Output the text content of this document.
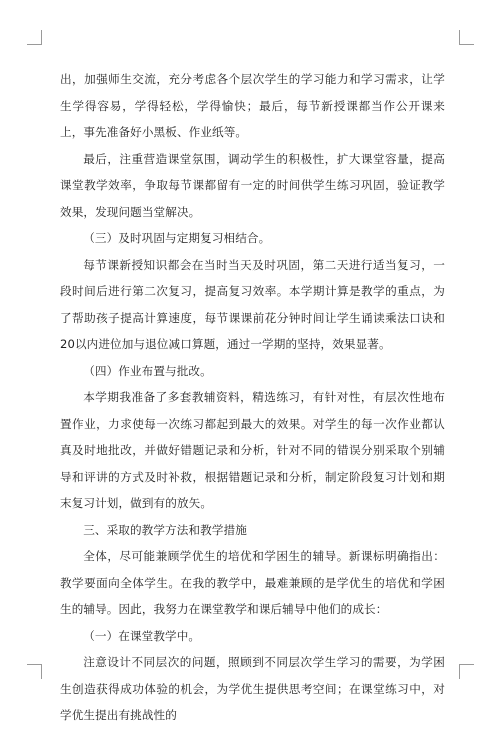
出，加强师生交流，充分考虑各个层次学生的学习能力和学习需求，让学生学得容易，学得轻松，学得愉快；最后，每节新授课都当作公开课来上，事先准备好小黑板、作业纸等。

最后，注重营造课堂氛围，调动学生的积极性，扩大课堂容量，提高课堂教学效率，争取每节课都留有一定的时间供学生练习巩固，验证教学效果，发现问题当堂解决。

（三）及时巩固与定期复习相结合。

每节课新授知识都会在当时当天及时巩固，第二天进行适当复习，一段时间后进行第二次复习，提高复习效率。本学期计算是教学的重点，为了帮助孩子提高计算速度，每节课课前花分钟时间让学生诵读乘法口诀和20以内进位加与退位减口算题，通过一学期的坚持，效果显著。

（四）作业布置与批改。

本学期我准备了多套教辅资料，精选练习，有针对性，有层次性地布置作业，力求使每一次练习都起到最大的效果。对学生的每一次作业都认真及时地批改，并做好错题记录和分析，针对不同的错误分别采取个别辅导和评讲的方式及时补救，根据错题记录和分析，制定阶段复习计划和期末复习计划，做到有的放矢。

三、采取的教学方法和教学措施

全体，尽可能兼顾学优生的培优和学困生的辅导。新课标明确指出：教学要面向全体学生。在我的教学中，最难兼顾的是学优生的培优和学困生的辅导。因此，我努力在课堂教学和课后辅导中他们的成长：

（一）在课堂教学中。

注意设计不同层次的问题，照顾到不同层次学生学习的需要，为学困生创造获得成功体验的机会，为学优生提供思考空间；在课堂练习中，对学优生提出有挑战性的
